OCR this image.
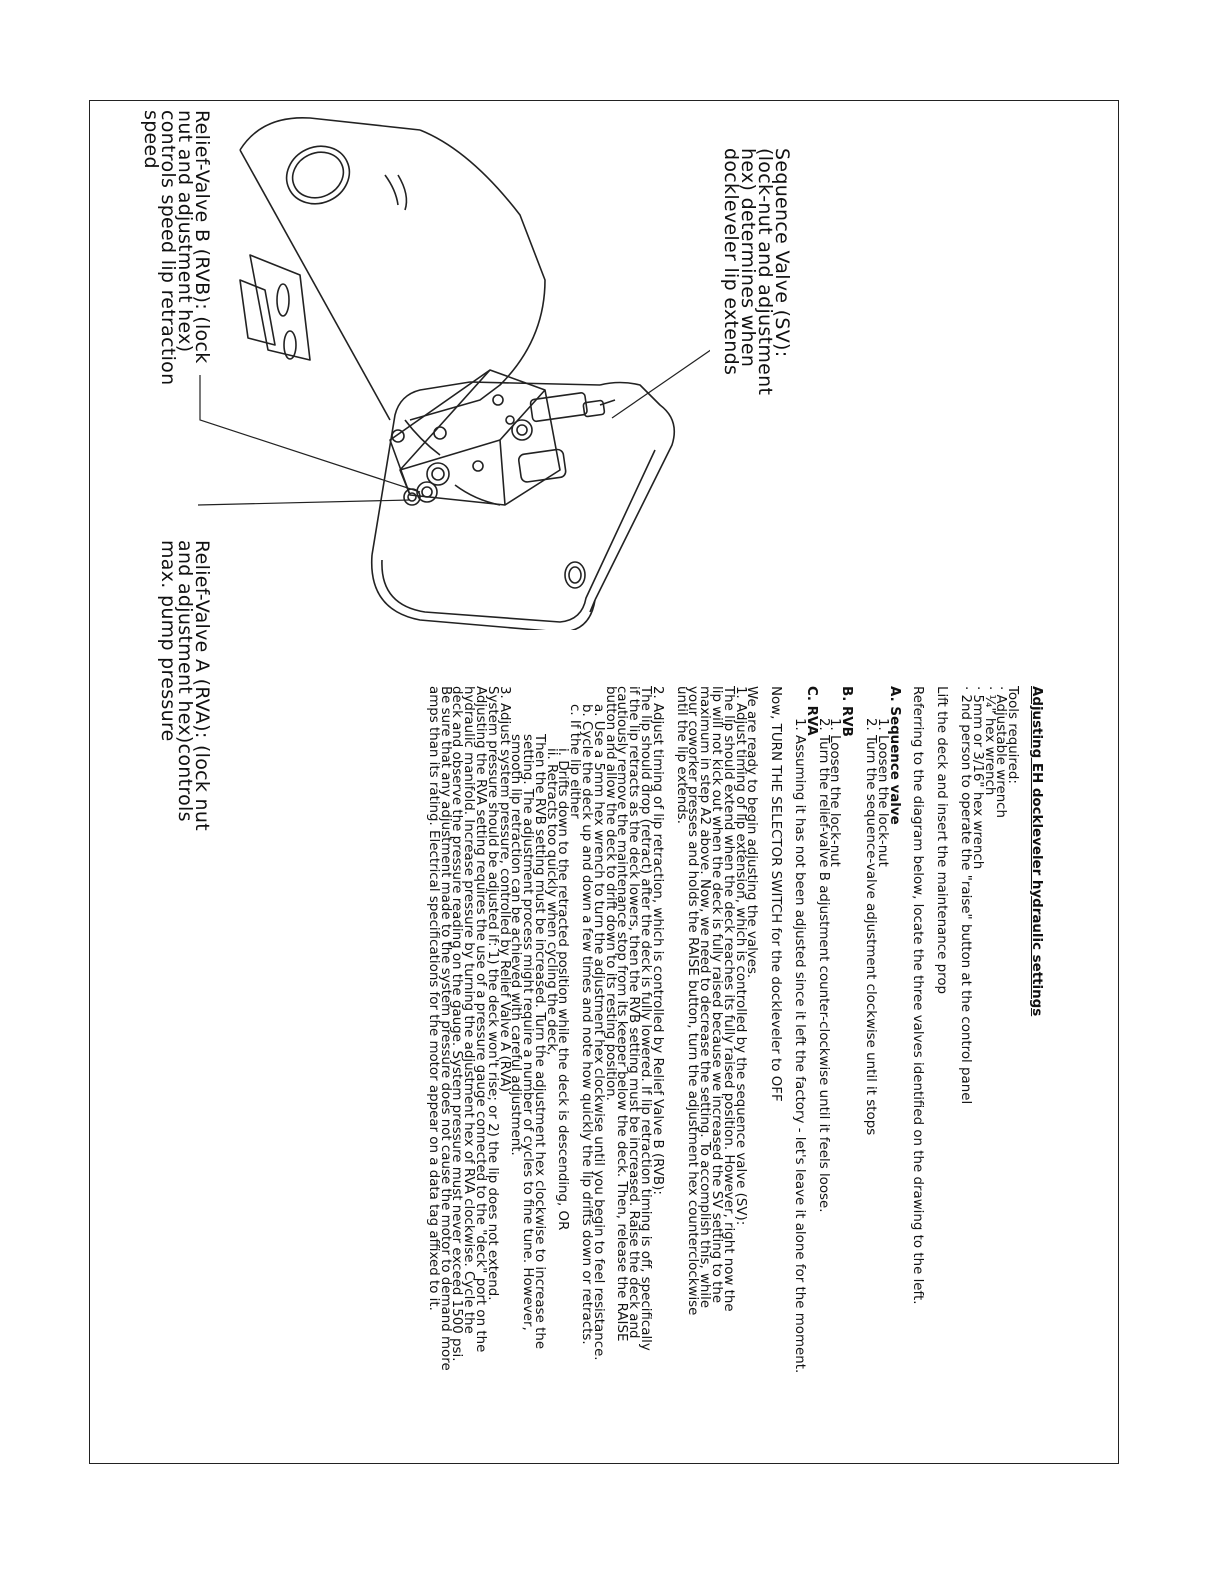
Sequence Valve (SV):
(lock-nut and adjustment
hex) determines when
dockleveler lip extends
Relief-Valve B (RVB): (lock
nut and adjustment hex)
controls speed lip retraction
speed
Relief-Valve A (RVA): (lock nut
and adjustment hex)controls
max. pump pressure
Adjusting EH dockleveler hydraulic settings
Tools required:
· Adjustable wrench
· ¼" hex wrench
· 5mm or 3/16" hex wrench
· 2nd person to operate the "raise" button at the control panel
Lift the deck and insert the maintenance prop
Referring to the diagram below, locate the three valves identified on the drawing to the left.
A. Sequence valve
1. Loosen the lock-nut
2. Turn the sequence-valve adjustment clockwise until it stops
B. RVB
1. Loosen the lock-nut
2. Turn the relief-valve B adjustment counter-clockwise until it feels loose.
C. RVA
1. Assuming it has not been adjusted since it left the factory - let's leave it alone for the moment.
Now, TURN THE SELECTOR SWITCH for the dockleveler to OFF
We are ready to begin adjusting the valves.
1. Adjust timing of lip extension, which is controlled by the sequence valve (SV):
The lip should extend when the deck reaches its fully raised position. However, right now the
lip will not kick out when the deck is fully raised because we increased the SV setting to the
maximum in step A2 above. Now, we need to decrease the setting. To accomplish this, while
your coworker presses and holds the RAISE button, turn the adjustment hex counterclockwise
until the lip extends.
2. Adjust timing of lip retraction, which is controlled by Relief Valve B (RVB):
The lip should drop (retract) after the deck is fully lowered. If lip retraction timing is off, specifically
if the lip retracts as the deck lowers, then the RVB setting must be increased. Raise the deck and
cautiously remove the maintenance stop from its keeper below the deck. Then, release the RAISE
button and allow the deck to drift down to its resting position.
a. Use a 5mm hex wrench to turn the adjustment hex clockwise until you begin to feel resistance.
b. Cycle the deck up and down a few times and note how quickly the lip drifts down or retracts.
c. If the lip either
i. Drifts down to the retracted position while the deck is descending, OR
ii. Retracts too quickly when cycling the deck,
Then the RVB setting must be increased. Turn the adjustment hex clockwise to increase the
setting. The adjustment process might require a number of cycles to fine tune. However,
smooth lip retraction can be achieved with careful adjustment.
3. Adjust system pressure, controlled by Relief Valve A (RVA)
System pressure should be adjusted if: 1) the deck won't rise; or 2) the lip does not extend.
Adjusting the RVA setting requires the use of a pressure gauge connected to the "deck" port on the
hydraulic manifold. Increase pressure by turning the adjustment hex of RVA clockwise. Cycle the
deck and observe the pressure reading on the gauge. System pressure must never exceed 1500 psi.
Be sure that any adjustment made to the system pressure does not cause the motor to demand more
amps than its rating. Electrical specifications for the motor appear on a data tag affixed to it.
